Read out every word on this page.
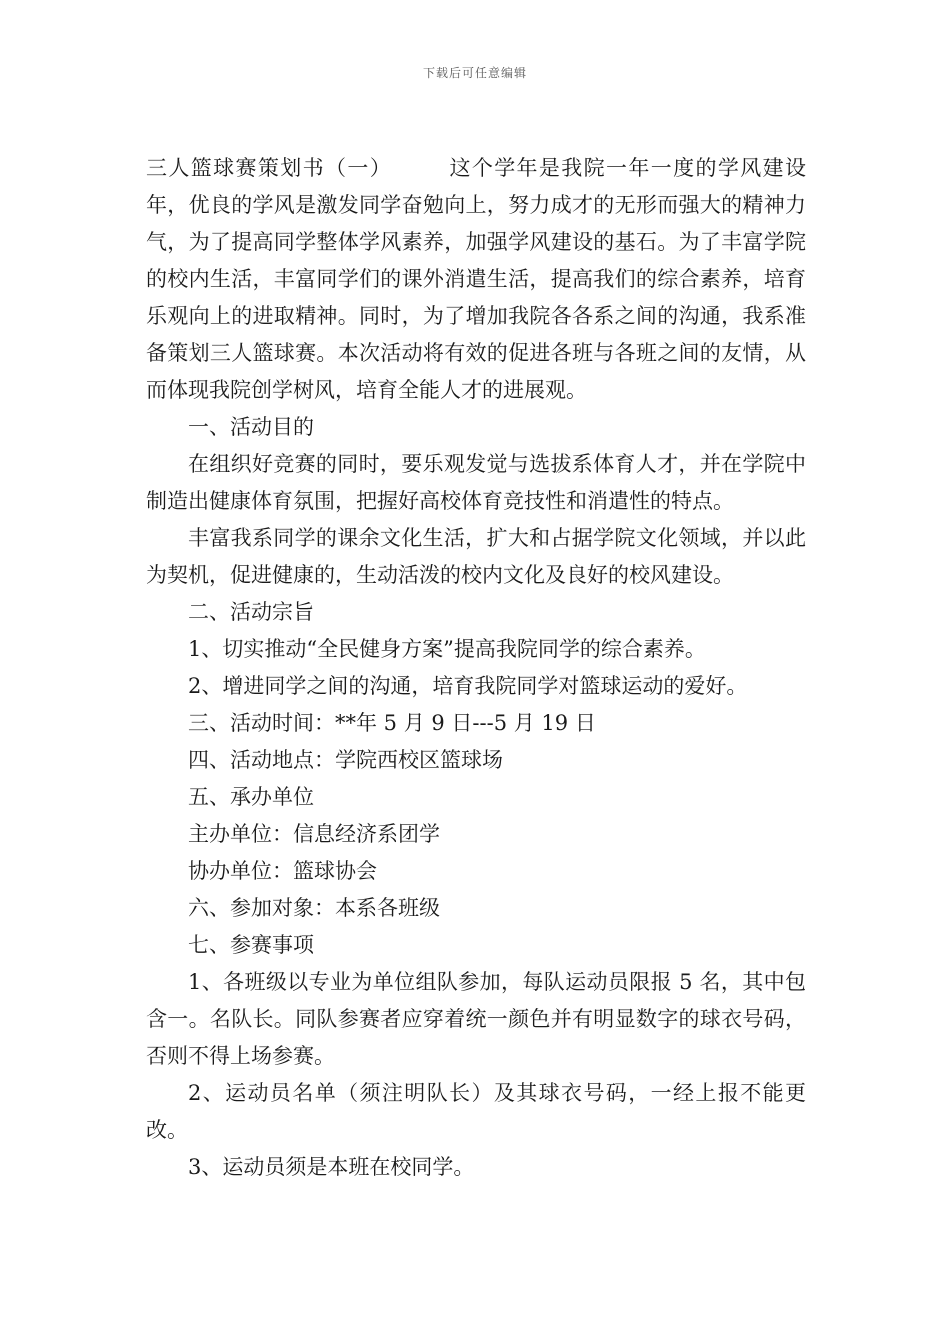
下载后可任意编辑

三人篮球赛策划书（一）	这个学年是我院一年一度的学风建设年，优良的学风是激发同学奋勉向上，努力成才的无形而强大的精神力气，为了提高同学整体学风素养，加强学风建设的基石。为了丰富学院的校内生活，丰富同学们的课外消遣生活，提高我们的综合素养，培育乐观向上的进取精神。同时，为了增加我院各各系之间的沟通，我系准备策划三人篮球赛。本次活动将有效的促进各班与各班之间的友情，从而体现我院创学树风，培育全能人才的进展观。

一、活动目的

在组织好竞赛的同时，要乐观发觉与选拔系体育人才，并在学院中制造出健康体育氛围，把握好高校体育竞技性和消遣性的特点。

丰富我系同学的课余文化生活，扩大和占据学院文化领域，并以此为契机，促进健康的，生动活泼的校内文化及良好的校风建设。

二、活动宗旨

1、切实推动“全民健身方案”提高我院同学的综合素养。

2、增进同学之间的沟通，培育我院同学对篮球运动的爱好。

三、活动时间：**年 5 月 9 日---5 月 19 日

四、活动地点：学院西校区篮球场

五、承办单位

主办单位：信息经济系团学

协办单位：篮球协会

六、参加对象：本系各班级

七、参赛事项

1、各班级以专业为单位组队参加，每队运动员限报 5 名，其中包含一。名队长。同队参赛者应穿着统一颜色并有明显数字的球衣号码，否则不得上场参赛。

2、运动员名单（须注明队长）及其球衣号码，一经上报不能更改。

3、运动员须是本班在校同学。
